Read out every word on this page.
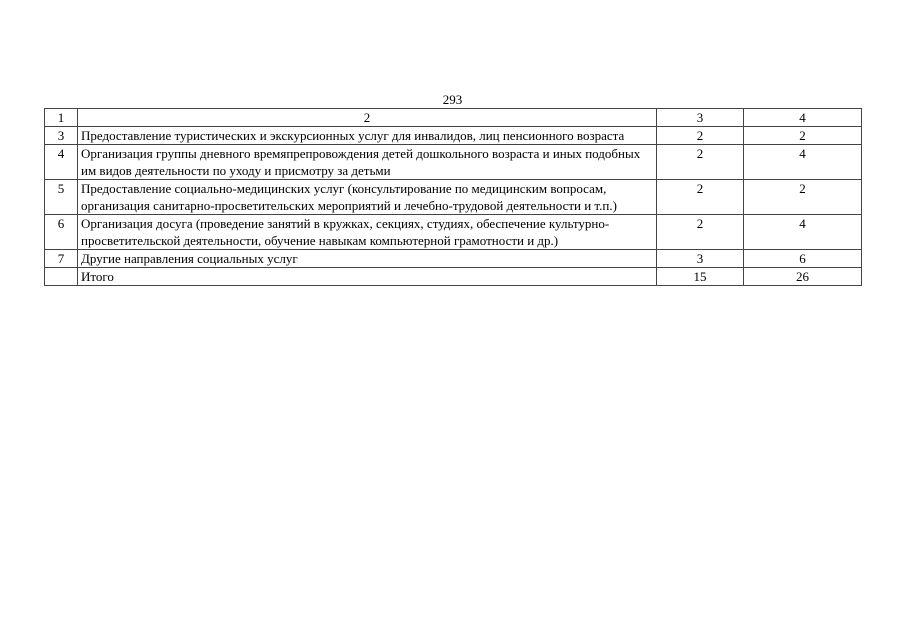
293
1	2	3	4
3	Предоставление туристических и экскурсионных услуг для инвалидов, лиц пенсионного возраста	2	2
4	Организация группы дневного времяпрепровождения детей дошкольного возраста и иных подобных им видов деятельности по уходу и присмотру за детьми	2	4
5	Предоставление социально-медицинских услуг (консультирование по медицинским вопросам, организация санитарно-просветительских мероприятий и лечебно-трудовой деятельности и т.п.)	2	2
6	Организация досуга (проведение занятий в кружках, секциях, студиях, обеспечение культурно-просветительской деятельности, обучение навыкам компьютерной грамотности и др.)	2	4
7	Другие направления социальных услуг	3	6
	Итого	15	26
